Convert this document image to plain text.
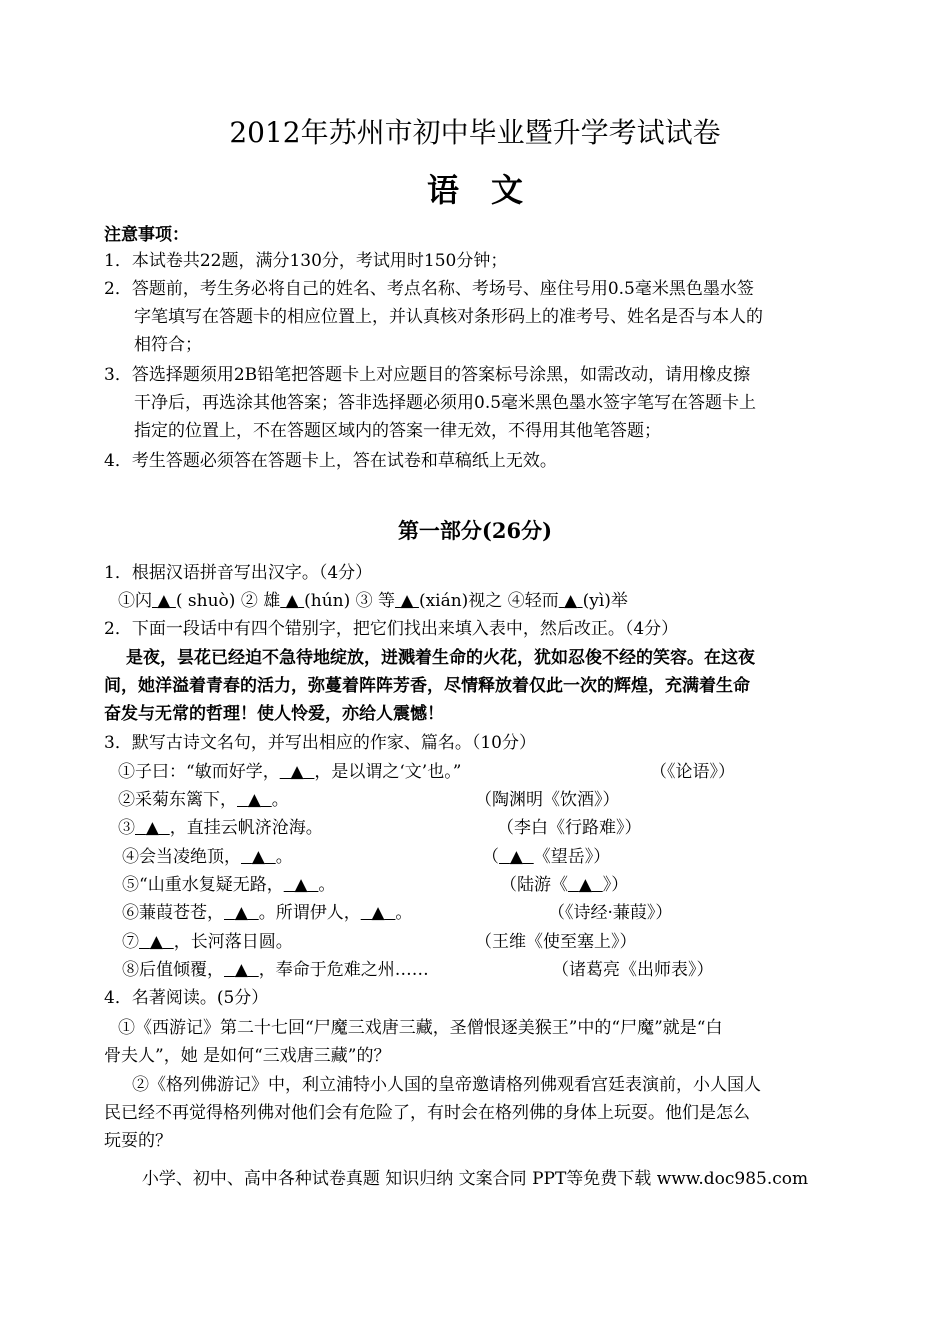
2012年苏州市初中毕业暨升学考试试卷
语　文
注意事项：
1．本试卷共22题，满分130分，考试用时150分钟；
2．答题前，考生务必将自己的姓名、考点名称、考场号、座住号用0.5毫米黑色墨水签
字笔填写在答题卡的相应位置上，并认真核对条形码上的准考号、姓名是否与本人的
相符合；
3．答选择题须用2B铅笔把答题卡上对应题目的答案标号涂黑，如需改动，请用橡皮擦
干净后，再选涂其他答案；答非选择题必须用0.5毫米黑色墨水签字笔写在答题卡上
指定的位置上，不在答题区域内的答案一律无效，不得用其他笔答题；
4．考生答题必须答在答题卡上，答在试卷和草稿纸上无效。
第一部分(26分)
1．根据汉语拼音写出汉字。（4分）
①闪 ▲ ( shuò) ② 雄 ▲ (hún) ③ 等 ▲ (xián)视之 ④轻而 ▲ (yì)举
2．下面一段话中有四个错别字，把它们找出来填入表中，然后改正。（4分）
是夜，昙花已经迫不急待地绽放，迸溅着生命的火花，犹如忍俊不经的笑容。在这夜
间，她洋溢着青春的活力，弥蔓着阵阵芳香，尽情释放着仅此一次的辉煌，充满着生命
奋发与无常的哲理！使人怜爱，亦给人震憾！
3．默写古诗文名句，并写出相应的作家、篇名。（10分）
①子曰：“敏而好学， ▲ ，是以谓之‘文’也。”	（《论语》）
②采菊东篱下， ▲ 。	（陶渊明《饮酒》）
③ ▲ ，直挂云帆济沧海。	（李白《行路难》）
④会当凌绝顶， ▲ 。	（ ▲ 《望岳》）
⑤“山重水复疑无路， ▲ 。	（陆游《 ▲ 》）
⑥蒹葭苍苍， ▲ 。所谓伊人， ▲ 。	（《诗经·蒹葭》）
⑦ ▲ ，长河落日圆。	（王维《使至塞上》）
⑧后值倾覆， ▲ ，奉命于危难之州……	（诸葛亮《出师表》）
4．名著阅读。(5分）
①《西游记》第二十七回“尸魔三戏唐三藏，圣僧恨逐美猴王”中的“尸魔”就是“白
骨夫人”，她 是如何“三戏唐三藏”的？
②《格列佛游记》中，利立浦特小人国的皇帝邀请格列佛观看宫廷表演前，小人国人
民已经不再觉得格列佛对他们会有危险了，有时会在格列佛的身体上玩耍。他们是怎么
玩耍的？
小学、初中、高中各种试卷真题 知识归纳 文案合同 PPT等免费下载 www.doc985.com
